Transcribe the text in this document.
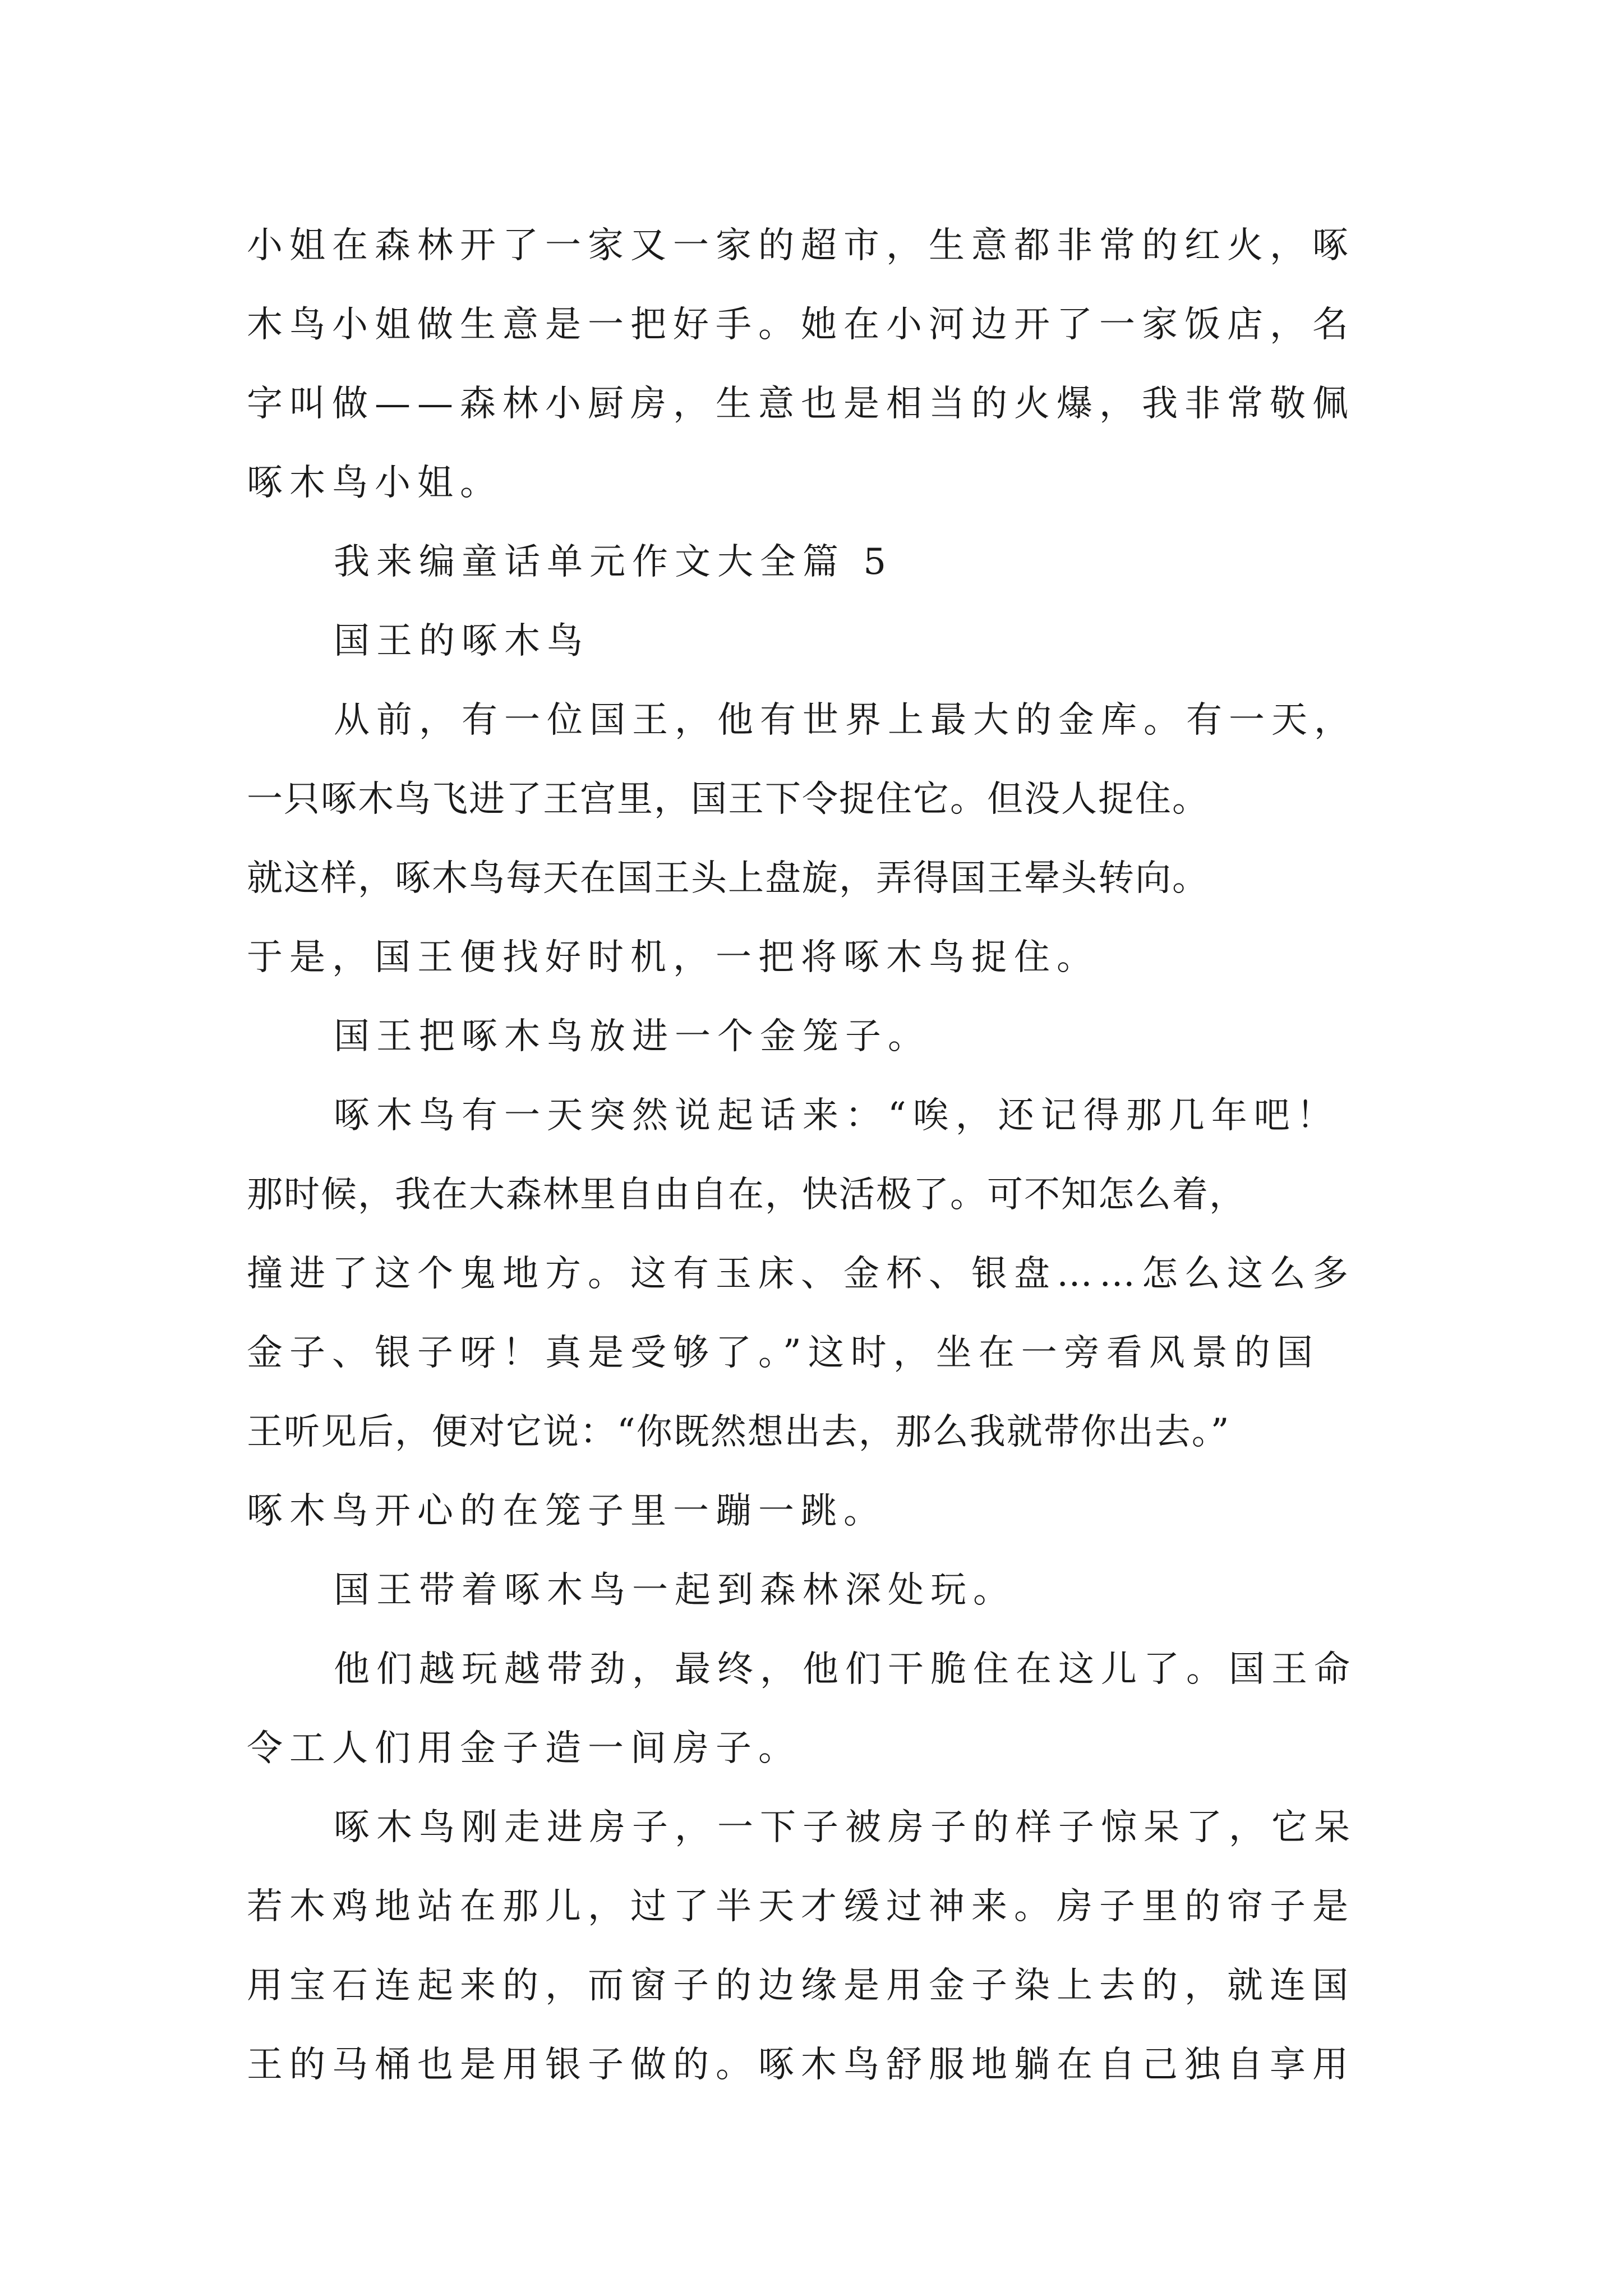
小姐在森林开了一家又一家的超市，生意都非常的红火，啄
木鸟小姐做生意是一把好手。她在小河边开了一家饭店，名
字叫做——森林小厨房，生意也是相当的火爆，我非常敬佩
啄木鸟小姐。
我来编童话单元作文大全篇 5
国王的啄木鸟
从前，有一位国王，他有世界上最大的金库。有一天，
一只啄木鸟飞进了王宫里，国王下令捉住它。但没人捉住。
就这样，啄木鸟每天在国王头上盘旋，弄得国王晕头转向。
于是，国王便找好时机，一把将啄木鸟捉住。
国王把啄木鸟放进一个金笼子。
啄木鸟有一天突然说起话来：“唉，还记得那几年吧！
那时候，我在大森林里自由自在，快活极了。可不知怎么着，
撞进了这个鬼地方。这有玉床、金杯、银盘……怎么这么多
金子、银子呀！真是受够了。”这时，坐在一旁看风景的国
王听见后，便对它说：“你既然想出去，那么我就带你出去。”
啄木鸟开心的在笼子里一蹦一跳。
国王带着啄木鸟一起到森林深处玩。
他们越玩越带劲，最终，他们干脆住在这儿了。国王命
令工人们用金子造一间房子。
啄木鸟刚走进房子，一下子被房子的样子惊呆了，它呆
若木鸡地站在那儿，过了半天才缓过神来。房子里的帘子是
用宝石连起来的，而窗子的边缘是用金子染上去的，就连国
王的马桶也是用银子做的。啄木鸟舒服地躺在自己独自享用
